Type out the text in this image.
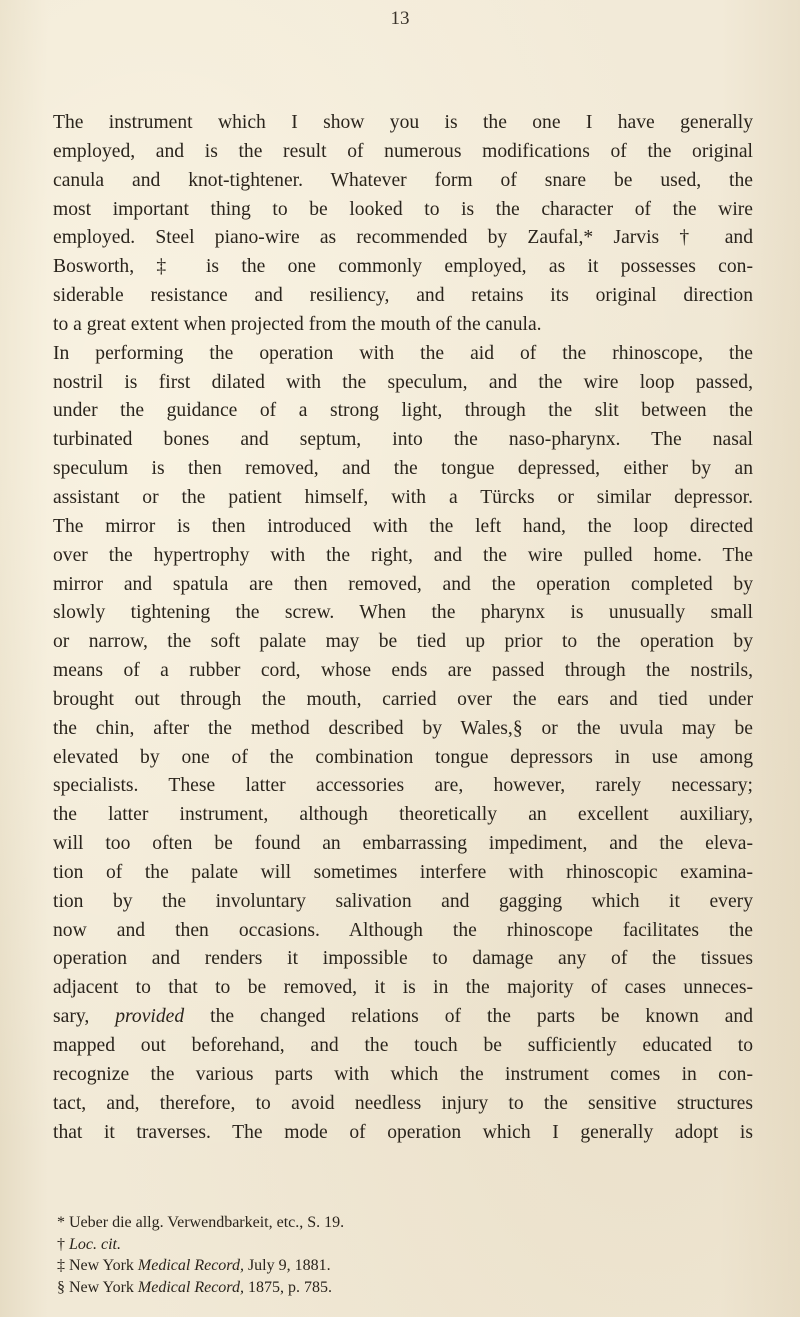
13
The instrument which I show you is the one I have generally
employed, and is the result of numerous modifications of the original
canula and knot-tightener. Whatever form of snare be used, the
most important thing to be looked to is the character of the wire
employed. Steel piano-wire as recommended by Zaufal,* Jarvis † and
Bosworth, ‡ is the one commonly employed, as it possesses con-
siderable resistance and resiliency, and retains its original direction
to a great extent when projected from the mouth of the canula.
In performing the operation with the aid of the rhinoscope, the
nostril is first dilated with the speculum, and the wire loop passed,
under the guidance of a strong light, through the slit between the
turbinated bones and septum, into the naso-pharynx. The nasal
speculum is then removed, and the tongue depressed, either by an
assistant or the patient himself, with a Türcks or similar depressor.
The mirror is then introduced with the left hand, the loop directed
over the hypertrophy with the right, and the wire pulled home. The
mirror and spatula are then removed, and the operation completed by
slowly tightening the screw. When the pharynx is unusually small
or narrow, the soft palate may be tied up prior to the operation by
means of a rubber cord, whose ends are passed through the nostrils,
brought out through the mouth, carried over the ears and tied under
the chin, after the method described by Wales,§ or the uvula may be
elevated by one of the combination tongue depressors in use among
specialists. These latter accessories are, however, rarely necessary;
the latter instrument, although theoretically an excellent auxiliary,
will too often be found an embarrassing impediment, and the eleva-
tion of the palate will sometimes interfere with rhinoscopic examina-
tion by the involuntary salivation and gagging which it every
now and then occasions. Although the rhinoscope facilitates the
operation and renders it impossible to damage any of the tissues
adjacent to that to be removed, it is in the majority of cases unneces-
sary, provided the changed relations of the parts be known and
mapped out beforehand, and the touch be sufficiently educated to
recognize the various parts with which the instrument comes in con-
tact, and, therefore, to avoid needless injury to the sensitive structures
that it traverses. The mode of operation which I generally adopt is
* Ueber die allg. Verwendbarkeit, etc., S. 19.
† Loc. cit.
‡ New York Medical Record, July 9, 1881.
§ New York Medical Record, 1875, p. 785.
